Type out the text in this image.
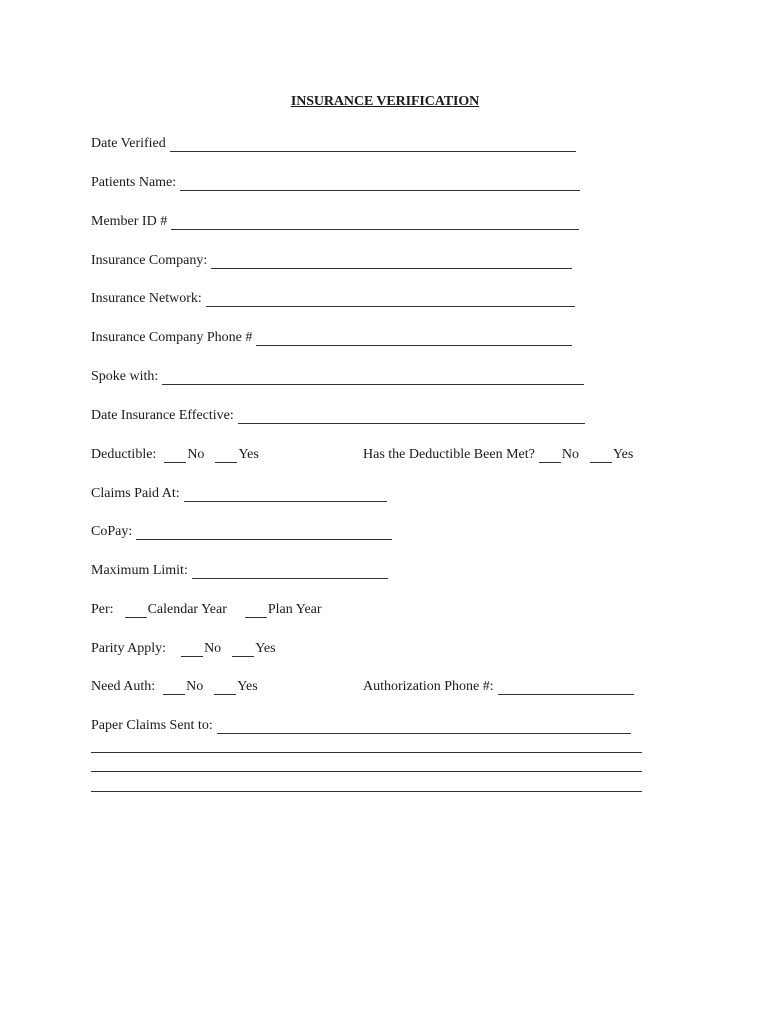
INSURANCE VERIFICATION
Date Verified
Patients Name:
Member ID #
Insurance Company:
Insurance Network:
Insurance Company Phone #
Spoke with:
Date Insurance Effective:
Deductible: No Yes	Has the Deductible Been Met? No Yes
Claims Paid At:
CoPay:
Maximum Limit:
Per: Calendar Year	Plan Year
Parity Apply:	No Yes
Need Auth: No Yes	Authorization Phone #:
Paper Claims Sent to:
